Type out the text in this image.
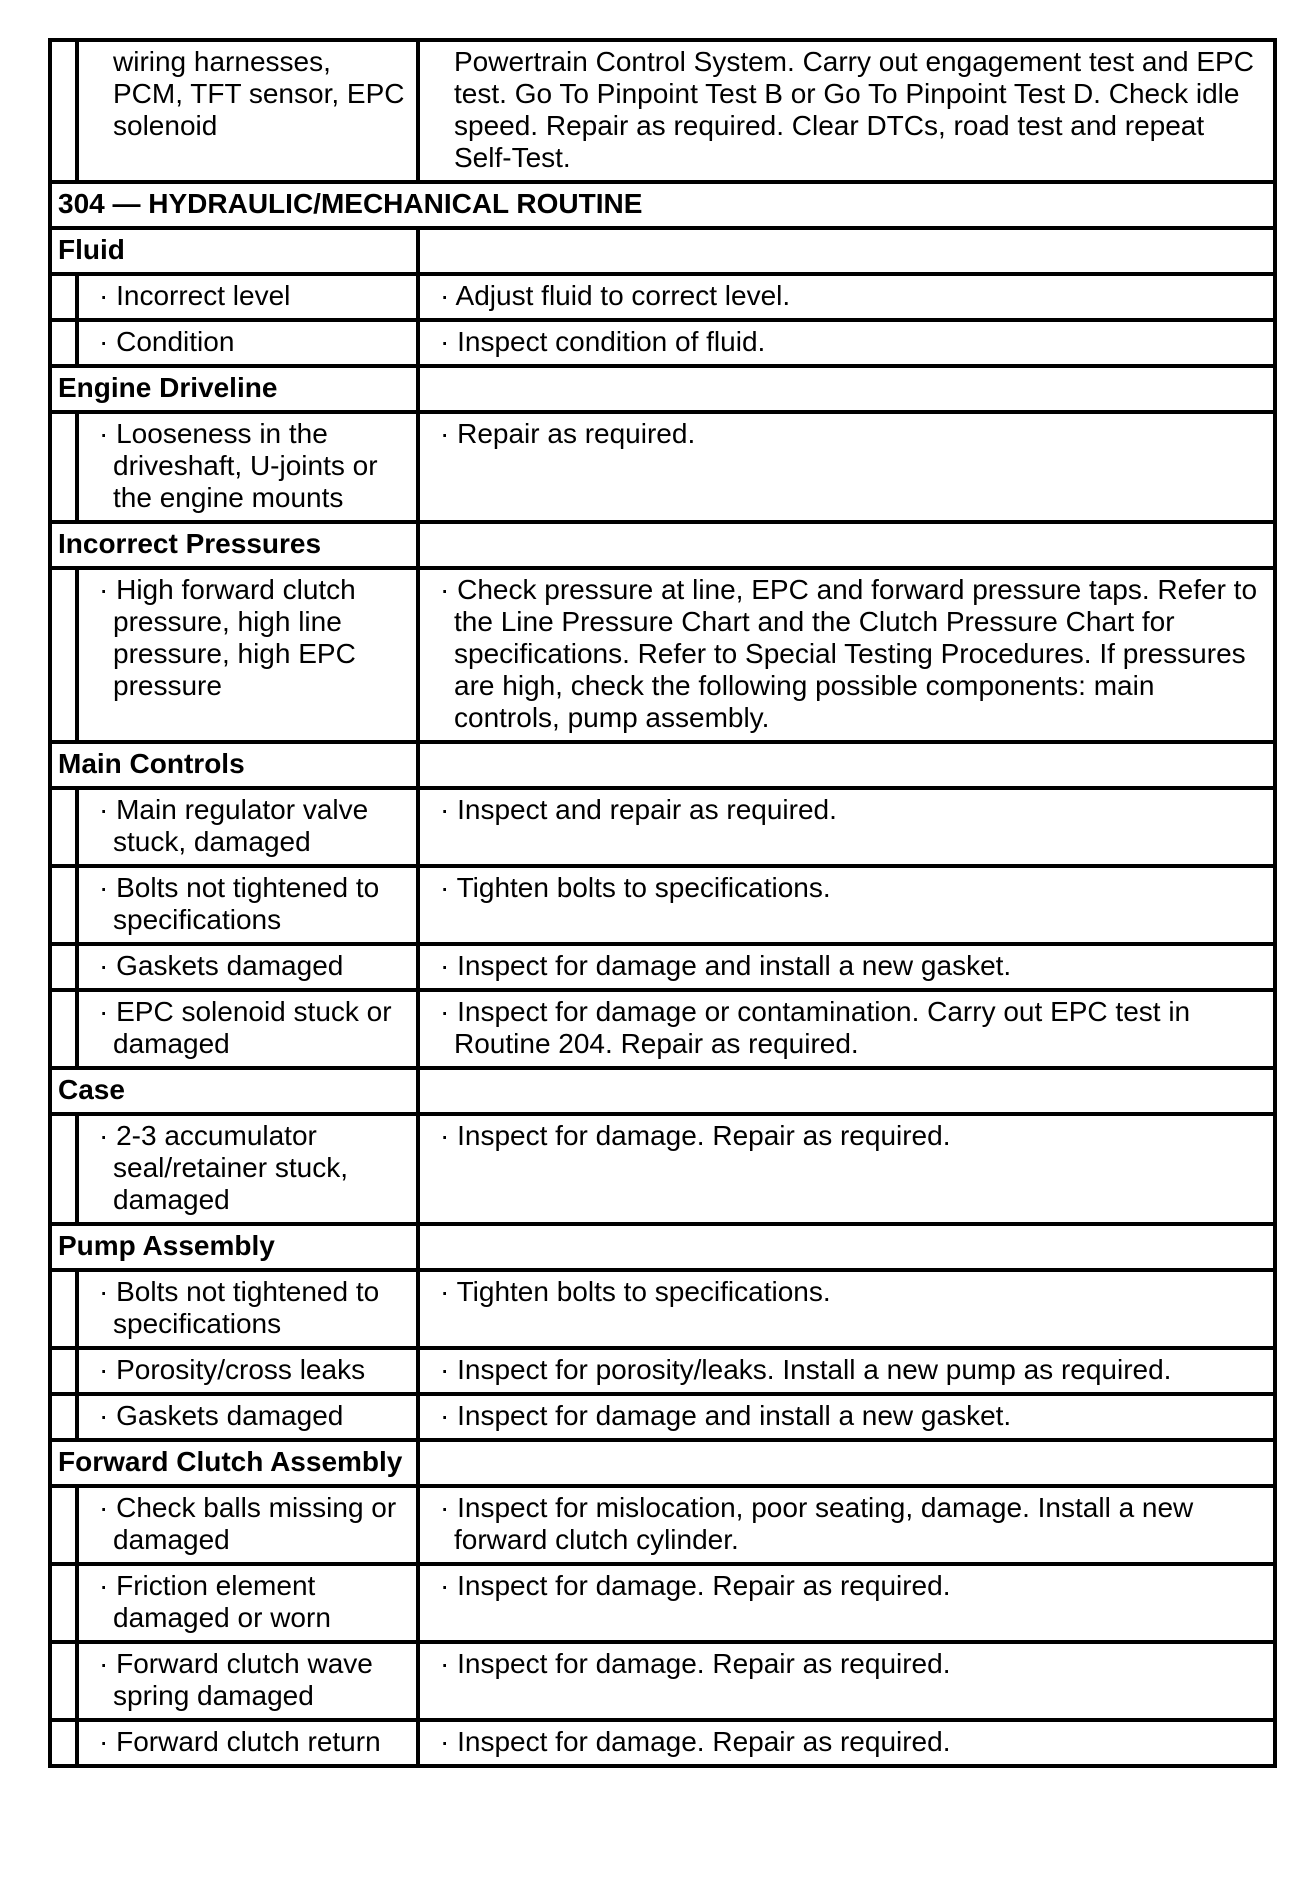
	wiring harnesses, PCM, TFT sensor, EPC solenoid	Powertrain Control System. Carry out engagement test and EPC test. Go To Pinpoint Test B or Go To Pinpoint Test D. Check idle speed. Repair as required. Clear DTCs, road test and repeat Self-Test.

304 — HYDRAULIC/MECHANICAL ROUTINE		
Fluid		

	· Incorrect level	· Adjust fluid to correct level.

	· Condition	· Inspect condition of fluid.

Engine Driveline		

	· Looseness in the driveshaft, U-joints or the engine mounts	· Repair as required.

Incorrect Pressures		

	· High forward clutch pressure, high line pressure, high EPC pressure	· Check pressure at line, EPC and forward pressure taps. Refer to the Line Pressure Chart and the Clutch Pressure Chart for specifications. Refer to Special Testing Procedures. If pressures are high, check the following possible components: main controls, pump assembly.

Main Controls		

	· Main regulator valve stuck, damaged	· Inspect and repair as required.

	· Bolts not tightened to specifications	· Tighten bolts to specifications.

	· Gaskets damaged	· Inspect for damage and install a new gasket.

	· EPC solenoid stuck or damaged	· Inspect for damage or contamination. Carry out EPC test in Routine 204. Repair as required.

Case		

	· 2-3 accumulator seal/retainer stuck, damaged	· Inspect for damage. Repair as required.

Pump Assembly		

	· Bolts not tightened to specifications	· Tighten bolts to specifications.

	· Porosity/cross leaks	· Inspect for porosity/leaks. Install a new pump as required.

	· Gaskets damaged	· Inspect for damage and install a new gasket.

Forward Clutch Assembly		

	· Check balls missing or damaged	· Inspect for mislocation, poor seating, damage. Install a new forward clutch cylinder.

	· Friction element damaged or worn	· Inspect for damage. Repair as required.

	· Forward clutch wave spring damaged	· Inspect for damage. Repair as required.

	· Forward clutch return	· Inspect for damage. Repair as required.
